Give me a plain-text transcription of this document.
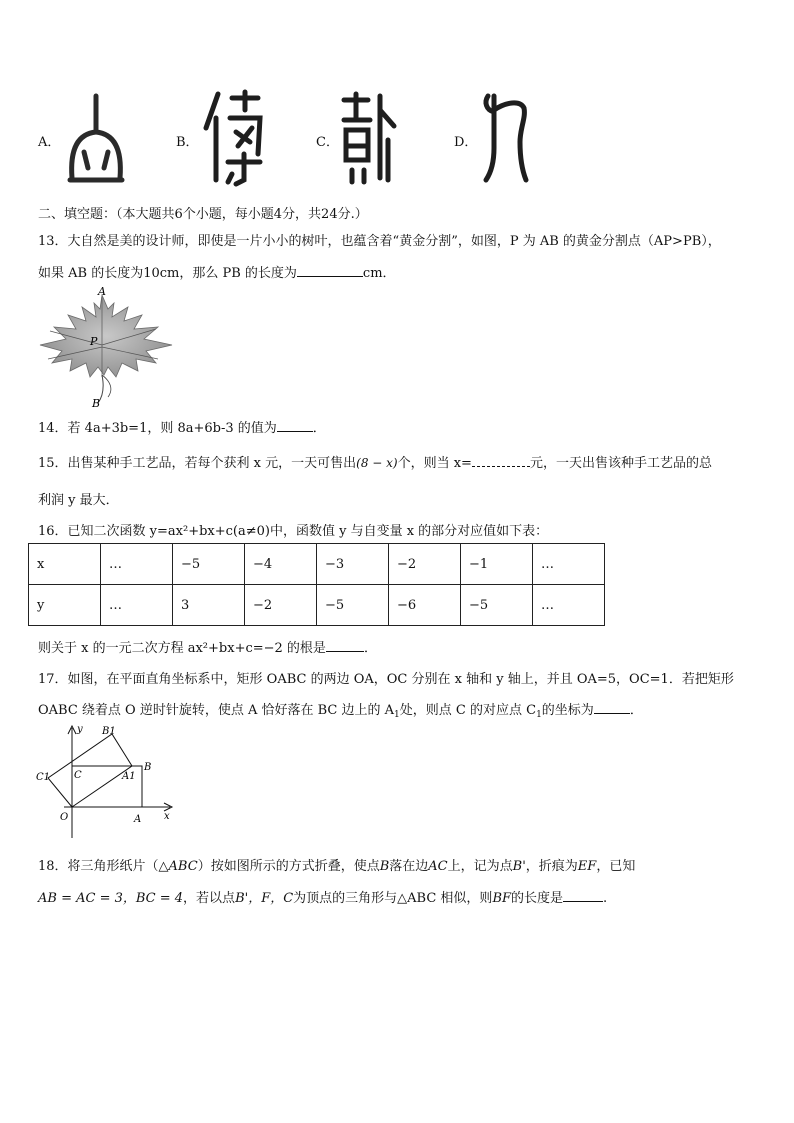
A．	B．	C．	D．
二、填空题：（本大题共6个小题，每小题4分，共24分.）
13．大自然是美的设计师，即使是一片小小的树叶，也蕴含着“黄金分割”，如图，P 为 AB 的黄金分割点（AP>PB），
如果 AB 的长度为10cm，那么 PB 的长度为	cm．
A
P
B
14．若 4a+3b=1，则 8a+6b-3 的值为	．
15．出售某种手工艺品，若每个获利 x 元，一天可售出(8 − x)个，则当 x=	元，一天出售该种手工艺品的总
利润 y 最大．
16．已知二次函数 y=ax²+bx+c(a≠0)中，函数值 y 与自变量 x 的部分对应值如下表：
x	…	−5	−4	−3	−2	−1	…
y	…	3	−2	−5	−6	−5	…
则关于 x 的一元二次方程 ax²+bx+c=−2 的根是	．
17．如图，在平面直角坐标系中，矩形 OABC 的两边 OA，OC 分别在 x 轴和 y 轴上，并且 OA=5，OC=1．若把矩形
OABC 绕着点 O 逆时针旋转，使点 A 恰好落在 BC 边上的 $A_1$处，则点 C 的对应点 $C_1$的坐标为	．
y
x
O	A
B
C
B1
A1
C1
18．将三角形纸片（△ABC）按如图所示的方式折叠，使点B落在边AC上，记为点B'，折痕为EF，已知
AB = AC = 3，BC = 4，若以点B'，F，C为顶点的三角形与△ABC 相似，则BF的长度是	.
